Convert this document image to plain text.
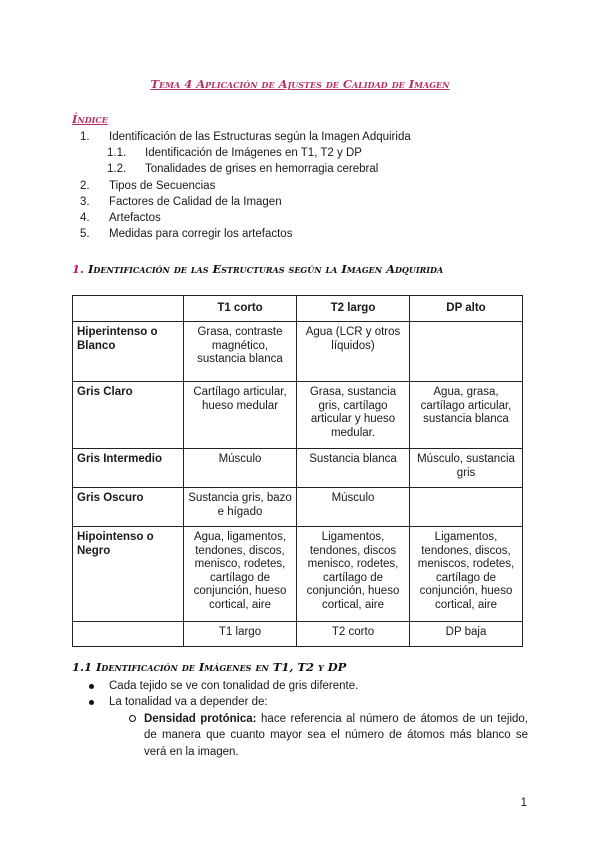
Tema 4 Aplicación de Ajustes de Calidad de Imagen
Índice
1. Identificación de las Estructuras según la Imagen Adquirida
1.1. Identificación de Imágenes en T1, T2 y DP
1.2. Tonalidades de grises en hemorragia cerebral
2. Tipos de Secuencias
3. Factores de Calidad de la Imagen
4. Artefactos
5. Medidas para corregir los artefactos
1. Identificación de las Estructuras según la Imagen Adquirida
	T1 corto	T2 largo	DP alto
Hiperintenso o Blanco	Grasa, contraste magnético, sustancia blanca	Agua (LCR y otros líquidos)	
Gris Claro	Cartílago articular, hueso medular	Grasa, sustancia gris, cartílago articular y hueso medular.	Agua, grasa, cartílago articular, sustancia blanca
Gris Intermedio	Músculo	Sustancia blanca	Músculo, sustancia gris
Gris Oscuro	Sustancia gris, bazo e hígado	Músculo	
Hipointenso o Negro	Agua, ligamentos, tendones, discos, menisco, rodetes, cartílago de conjunción, hueso cortical, aire	Ligamentos, tendones, discos menisco, rodetes, cartílago de conjunción, hueso cortical, aire	Ligamentos, tendones, discos, meniscos, rodetes, cartílago de conjunción, hueso cortical, aire
	T1 largo	T2 corto	DP baja
1.1 Identificación de Imágenes en T1, T2 y DP
Cada tejido se ve con tonalidad de gris diferente.
La tonalidad va a depender de:

Densidad protónica: hace referencia al número de átomos de un tejido, de manera que cuanto mayor sea el número de átomos más blanco se verá en la imagen.

1
